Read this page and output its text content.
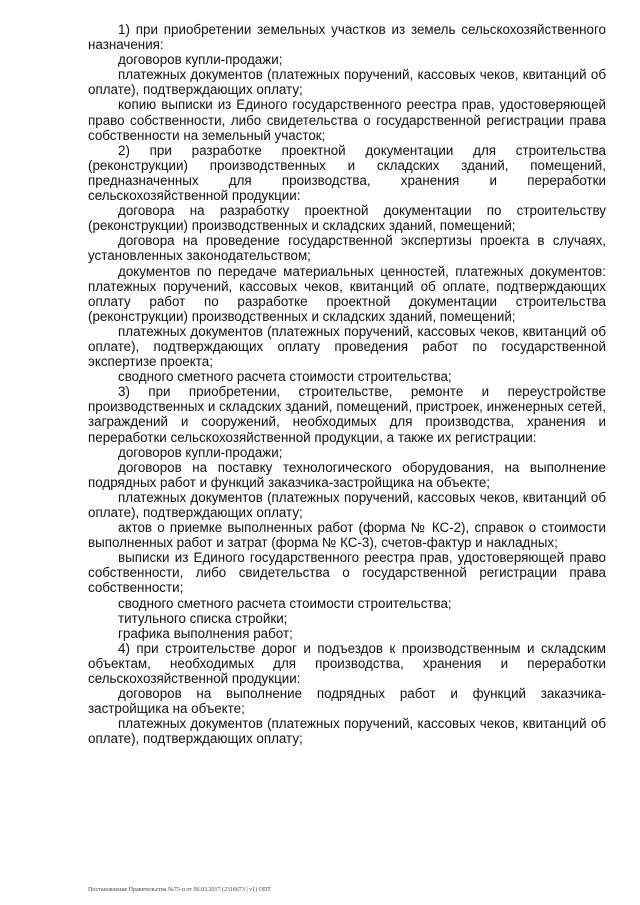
1) при приобретении земельных участков из земель сельскохозяйственного назначения:

договоров купли-продажи;

платежных документов (платежных поручений, кассовых чеков, квитанций об оплате), подтверждающих оплату;

копию выписки из Единого государственного реестра прав, удостоверяющей право собственности, либо свидетельства о государственной регистрации права собственности на земельный участок;

2) при разработке проектной документации для строительства (реконструкции) производственных и складских зданий, помещений, предназначенных для производства, хранения и переработки сельскохозяйственной продукции:

договора на разработку проектной документации по строительству (реконструкции) производственных и складских зданий, помещений;

договора на проведение государственной экспертизы проекта в случаях, установленных законодательством;

документов по передаче материальных ценностей, платежных документов: платежных поручений, кассовых чеков, квитанций об оплате, подтверждающих оплату работ по разработке проектной документации строительства (реконструкции) производственных и складских зданий, помещений;

платежных документов (платежных поручений, кассовых чеков, квитанций об оплате), подтверждающих оплату проведения работ по государственной экспертизе проекта;

сводного сметного расчета стоимости строительства;

3) при приобретении, строительстве, ремонте и переустройстве производственных и складских зданий, помещений, пристроек, инженерных сетей, заграждений и сооружений, необходимых для производства, хранения и переработки сельскохозяйственной продукции, а также их регистрации:

договоров купли-продажи;

договоров на поставку технологического оборудования, на выполнение подрядных работ и функций заказчика-застройщика на объекте;

платежных документов (платежных поручений, кассовых чеков, квитанций об оплате), подтверждающих оплату;

актов о приемке выполненных работ (форма № КС-2), справок о стоимости выполненных работ и затрат (форма № КС-3), счетов-фактур и накладных;

выписки из Единого государственного реестра прав, удостоверяющей право собственности, либо свидетельства о государственной регистрации права собственности;

сводного сметного расчета стоимости строительства;

титульного списка стройки;

графика выполнения работ;

4) при строительстве дорог и подъездов к производственным и складским объектам, необходимых для производства, хранения и переработки сельскохозяйственной продукции:

договоров на выполнение подрядных работ и функций заказчика-застройщика на объекте;

платежных документов (платежных поручений, кассовых чеков, квитанций об оплате), подтверждающих оплату;

Постановление Правительства №75-п от 06.03.2017 (2316673 | v1) ODT
